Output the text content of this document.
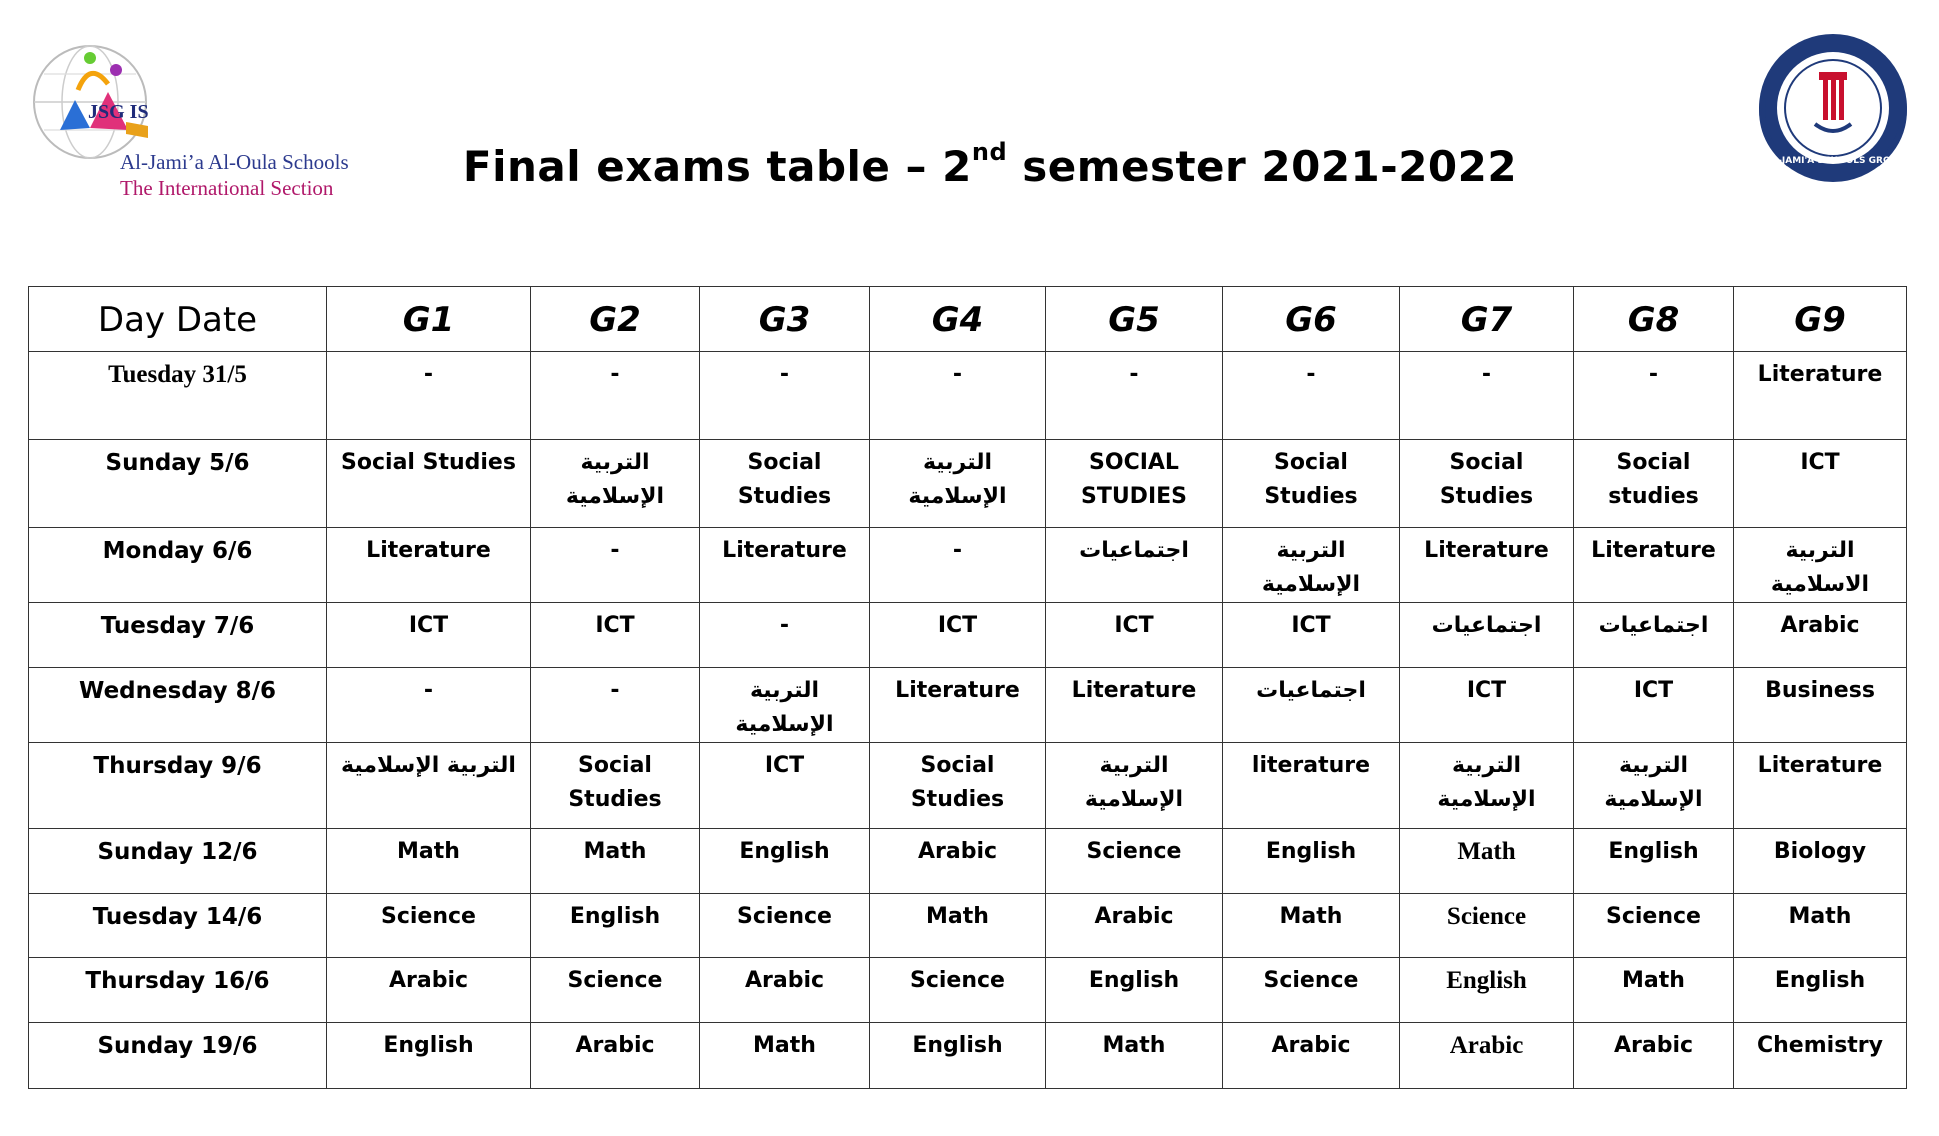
JSG IS
Al-Jami’a Al-Oula Schools
The International Section
AL-JAMI'A SCHOOLS GROUP
Final exams table – 2nd semester 2021-2022
Day Date	G1	G2	G3	G4	G5	G6	G7	G8	G9
Tuesday 31/5	-	-	-	-	-	-	-	-	Literature
Sunday 5/6	Social Studies	التربية الإسلامية	Social Studies	التربية الإسلامية	SOCIAL STUDIES	Social Studies	Social Studies	Social studies	ICT
Monday 6/6	Literature	-	Literature	-	اجتماعيات	التربية الإسلامية	Literature	Literature	التربية الاسلامية
Tuesday 7/6	ICT	ICT	-	ICT	ICT	ICT	اجتماعيات	اجتماعيات	Arabic
Wednesday 8/6	-	-	التربية الإسلامية	Literature	Literature	اجتماعيات	ICT	ICT	Business
Thursday 9/6	التربية الإسلامية	Social Studies	ICT	Social Studies	التربية الإسلامية	literature	التربية الإسلامية	التربية الإسلامية	Literature
Sunday 12/6	Math	Math	English	Arabic	Science	English	Math	English	Biology
Tuesday 14/6	Science	English	Science	Math	Arabic	Math	Science	Science	Math
Thursday 16/6	Arabic	Science	Arabic	Science	English	Science	English	Math	English
Sunday 19/6	English	Arabic	Math	English	Math	Arabic	Arabic	Arabic	Chemistry
